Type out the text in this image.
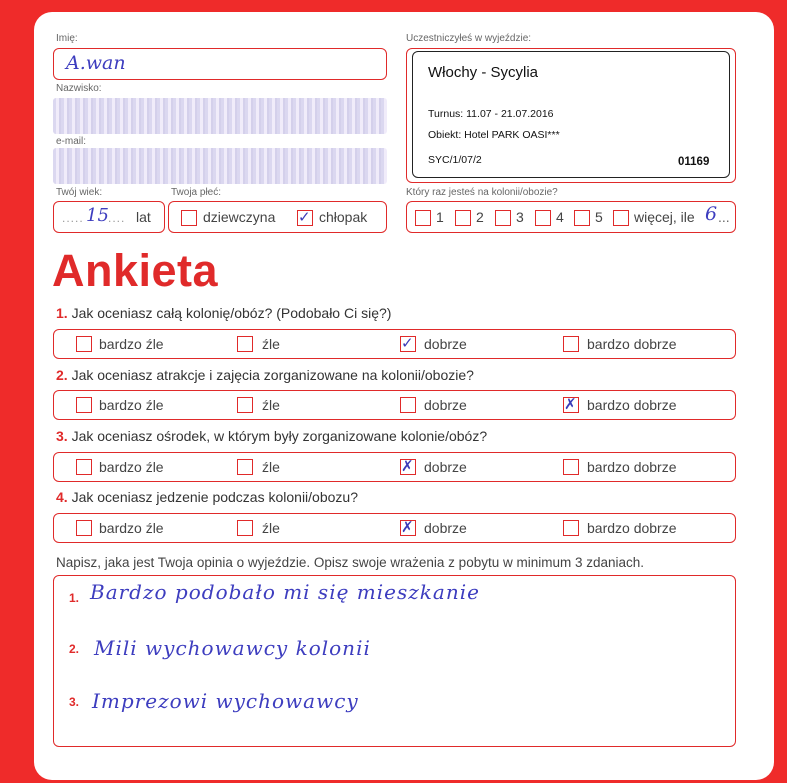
Imię:
A.wan
Nazwisko:
e-mail:
Twój wiek:
..... 15 .... lat
Twoja płeć:
dziewczyna ✓ chłopak
Uczestniczyłeś w wyjeździe:
Włochy - Sycylia
Turnus: 11.07 - 21.07.2016
Obiekt: Hotel PARK OASI***
SYC/1/07/2	01169
Który raz jesteś na kolonii/obozie?
1 2 3 4 5 więcej, ile 6 ...
Ankieta
1. Jak oceniasz całą kolonię/obóz? (Podobało Ci się?)
bardzo źle	źle	✓ dobrze	bardzo dobrze
2. Jak oceniasz atrakcje i zajęcia zorganizowane na kolonii/obozie?
bardzo źle	źle	dobrze	✗ bardzo dobrze
3. Jak oceniasz ośrodek, w którym były zorganizowane kolonie/obóz?
bardzo źle	źle	✗ dobrze	bardzo dobrze
4. Jak oceniasz jedzenie podczas kolonii/obozu?
bardzo źle	źle	✗ dobrze	bardzo dobrze
Napisz, jaka jest Twoja opinia o wyjeździe. Opisz swoje wrażenia z pobytu w minimum 3 zdaniach.
1. Bardzo podobało mi się mieszkanie
2. Mili wychowawcy kolonii
3. Imprezowi wychowawcy
